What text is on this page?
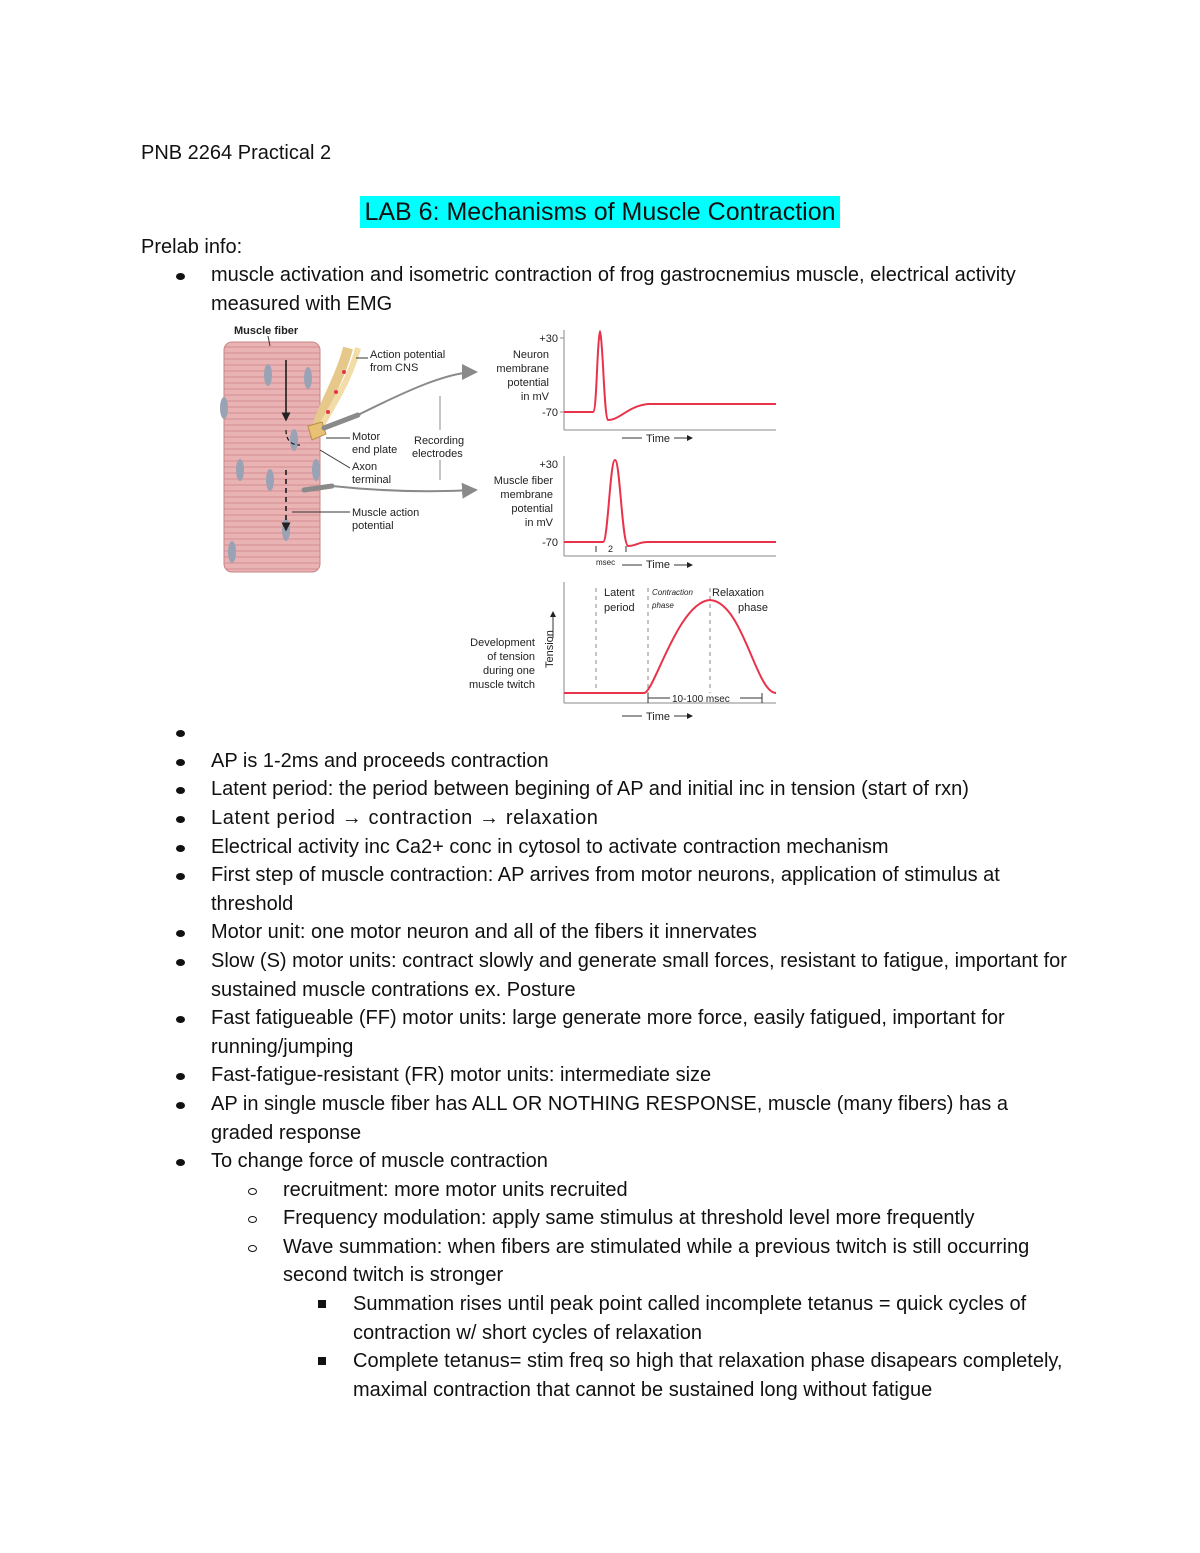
PNB 2264 Practical 2
LAB 6: Mechanisms of Muscle Contraction
Prelab info:
muscle activation and isometric contraction of frog gastrocnemius muscle, electrical activity measured with EMG

AP is 1-2ms and proceeds contraction
Latent period: the period between begining of AP and initial inc in tension (start of rxn)
Latent period → contraction → relaxation
Electrical activity inc Ca2+ conc in cytosol to activate contraction mechanism
First step of muscle contraction: AP arrives from motor neurons, application of stimulus at threshold
Motor unit: one motor neuron and all of the fibers it innervates
Slow (S) motor units: contract slowly and generate small forces, resistant to fatigue, important for sustained muscle contrations ex. Posture
Fast fatigueable (FF) motor units: large generate more force, easily fatigued, important for running/jumping
Fast-fatigue-resistant (FR) motor units: intermediate size
AP in single muscle fiber has ALL OR NOTHING RESPONSE, muscle (many fibers) has a graded response
To change force of muscle contraction
recruitment: more motor units recruited
Frequency modulation: apply same stimulus at threshold level more frequently
Wave summation: when fibers are stimulated while a previous twitch is still occurring second twitch is stronger
Summation rises until peak point called incomplete tetanus = quick cycles of contraction w/ short cycles of relaxation
Complete tetanus= stim freq so high that relaxation phase disapears completely, maximal contraction that cannot be sustained long without fatigue
Muscle fiber
Action potential
from CNS
Motor
end plate
Axon
terminal
Recording
electrodes
Muscle action
potential
Neuron
membrane
potential
in mV
+30
-70
Time
Muscle fiber
membrane
potential
in mV
+30
-70	2
msec	Time
Latent
period
Contraction
phase
Relaxation
phase
Tension
Development
of tension
during one
muscle twitch
10-100 msec
Time
